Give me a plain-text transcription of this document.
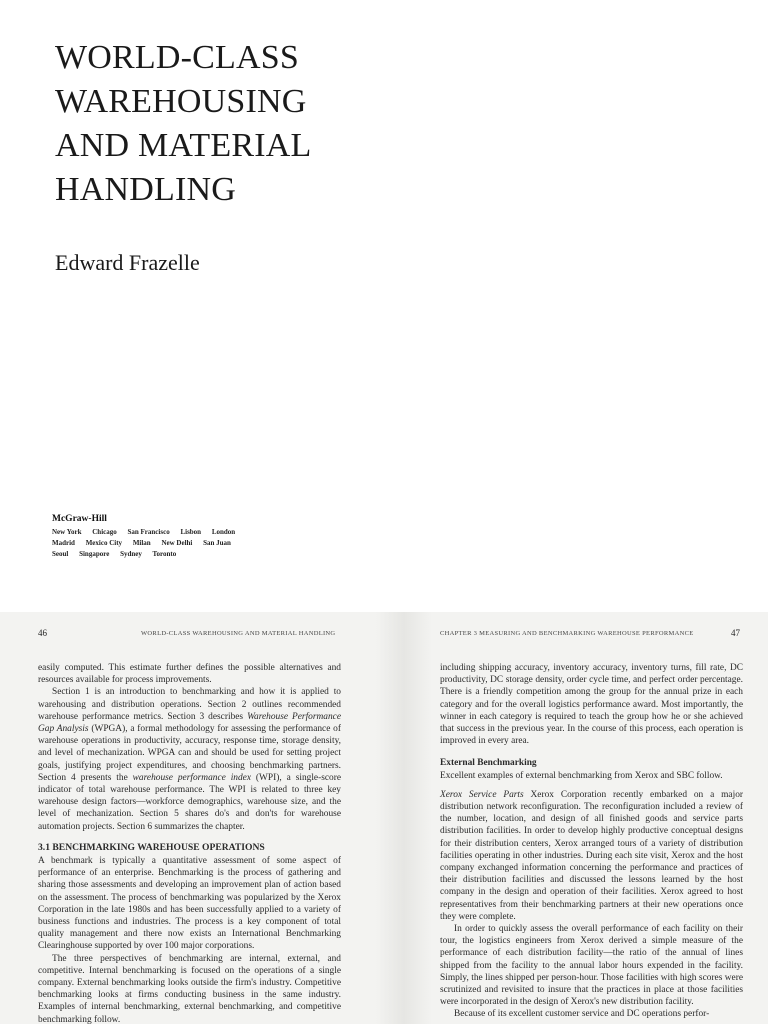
WORLD-CLASS
WAREHOUSING
AND MATERIAL
HANDLING
Edward Frazelle
McGraw-Hill
New York Chicago San Francisco Lisbon London
Madrid Mexico City Milan New Delhi San Juan
Seoul Singapore Sydney Toronto
46	WORLD-CLASS WAREHOUSING AND MATERIAL HANDLING

easily computed. This estimate further defines the possible alternatives and resources available for process improvements.

Section 1 is an introduction to benchmarking and how it is applied to warehousing and distribution operations. Section 2 outlines recommended warehouse performance metrics. Section 3 describes Warehouse Performance Gap Analysis (WPGA), a formal methodology for assessing the performance of warehouse operations in productivity, accuracy, response time, storage density, and level of mechanization. WPGA can and should be used for setting project goals, justifying project expenditures, and choosing benchmarking partners. Section 4 presents the warehouse performance index (WPI), a single-score indicator of total warehouse performance. The WPI is related to three key warehouse design factors—workforce demographics, warehouse size, and the level of mechanization. Section 5 shares do's and don'ts for warehouse automation projects. Section 6 summarizes the chapter.

3.1 BENCHMARKING WAREHOUSE OPERATIONS

A benchmark is typically a quantitative assessment of some aspect of performance of an enterprise. Benchmarking is the process of gathering and sharing those assessments and developing an improvement plan of action based on the assessment. The process of benchmarking was popularized by the Xerox Corporation in the late 1980s and has been successfully applied to a variety of business functions and industries. The process is a key component of total quality management and there now exists an International Benchmarking Clearinghouse supported by over 100 major corporations.

The three perspectives of benchmarking are internal, external, and competitive. Internal benchmarking is focused on the operations of a single company. External benchmarking looks outside the firm's industry. Competitive benchmarking looks at firms conducting business in the same industry. Examples of internal benchmarking, external benchmarking, and competitive benchmarking follow.

CHAPTER 3 MEASURING AND BENCHMARKING WAREHOUSE PERFORMANCE	47

including shipping accuracy, inventory accuracy, inventory turns, fill rate, DC productivity, DC storage density, order cycle time, and perfect order percentage. There is a friendly competition among the group for the annual prize in each category and for the overall logistics performance award. Most importantly, the winner in each category is required to teach the group how he or she achieved that success in the previous year. In the course of this process, each operation is improved in every area.

External Benchmarking

Excellent examples of external benchmarking from Xerox and SBC follow.

Xerox Service Parts Xerox Corporation recently embarked on a major distribution network reconfiguration. The reconfiguration included a review of the number, location, and design of all finished goods and service parts distribution facilities. In order to develop highly productive conceptual designs for their distribution centers, Xerox arranged tours of a variety of distribution facilities operating in other industries. During each site visit, Xerox and the host company exchanged information concerning the performance and practices of their distribution facilities and discussed the lessons learned by the host company in the design and operation of their facilities. Xerox agreed to host representatives from their benchmarking partners at their new operations once they were complete.

In order to quickly assess the overall performance of each facility on their tour, the logistics engineers from Xerox derived a simple measure of the performance of each distribution facility—the ratio of the annual of lines shipped from the facility to the annual labor hours expended in the facility. Simply, the lines shipped per person-hour. Those facilities with high scores were scrutinized and revisited to insure that the practices in place at those facilities were incorporated in the design of Xerox's new distribution facility.

Because of its excellent customer service and DC operations perfor-
